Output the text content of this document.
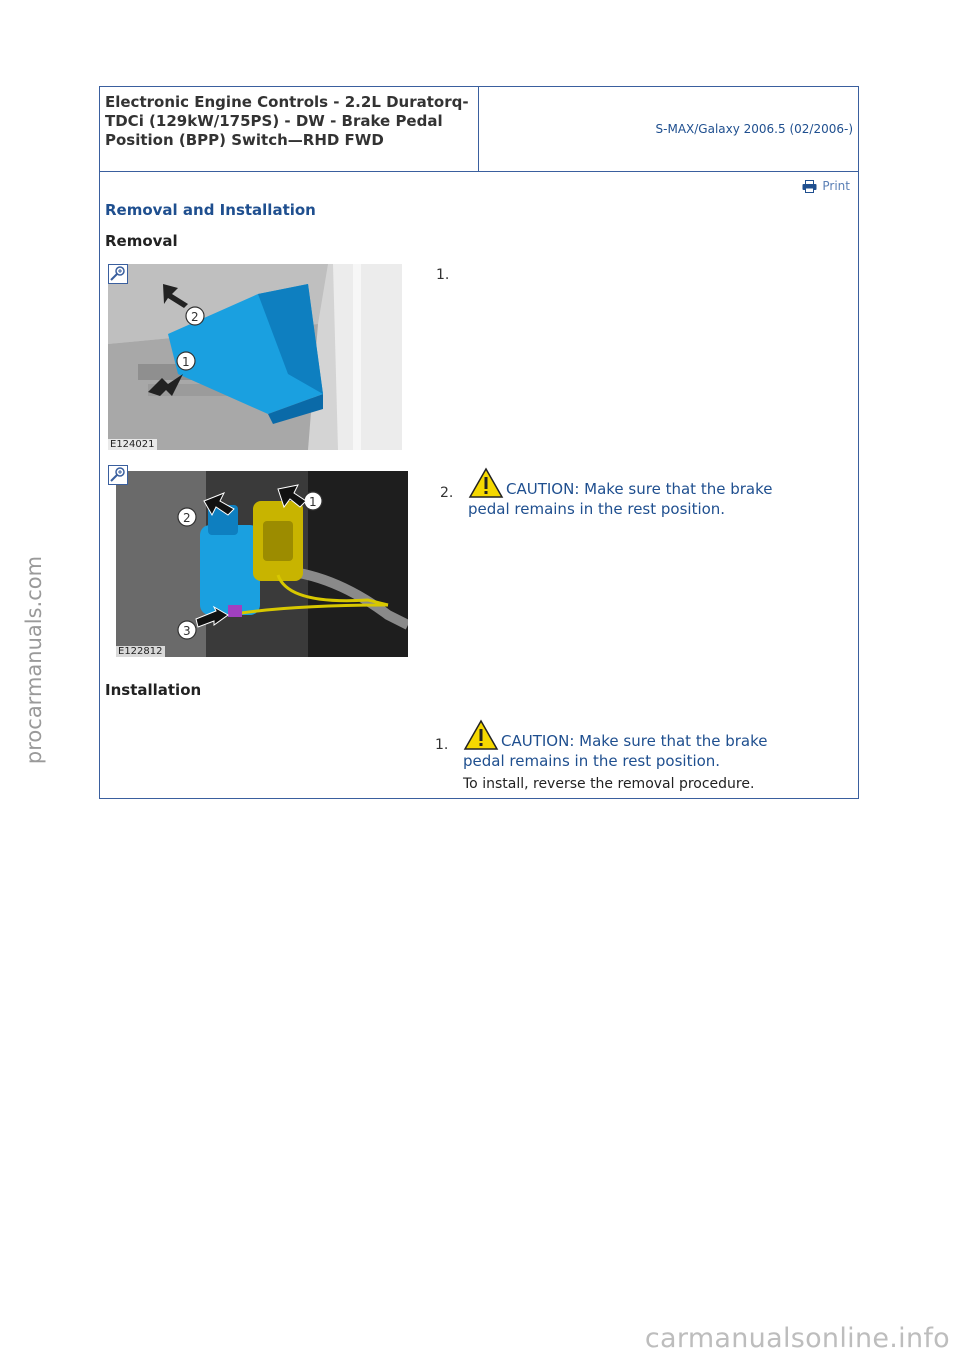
procarmanuals.com
Electronic Engine Controls - 2.2L Duratorq-TDCi (129kW/175PS) - DW - Brake Pedal Position (BPP) Switch—RHD FWD
S-MAX/Galaxy 2006.5 (02/2006-)
Print
Removal and Installation
Removal
2
1
E124021
1.
2
1
3
E122812
2.	CAUTION: Make sure that the brake pedal remains in the rest position.
Installation
1.	CAUTION: Make sure that the brake pedal remains in the rest position.
To install, reverse the removal procedure.
carmanualsonline.info
